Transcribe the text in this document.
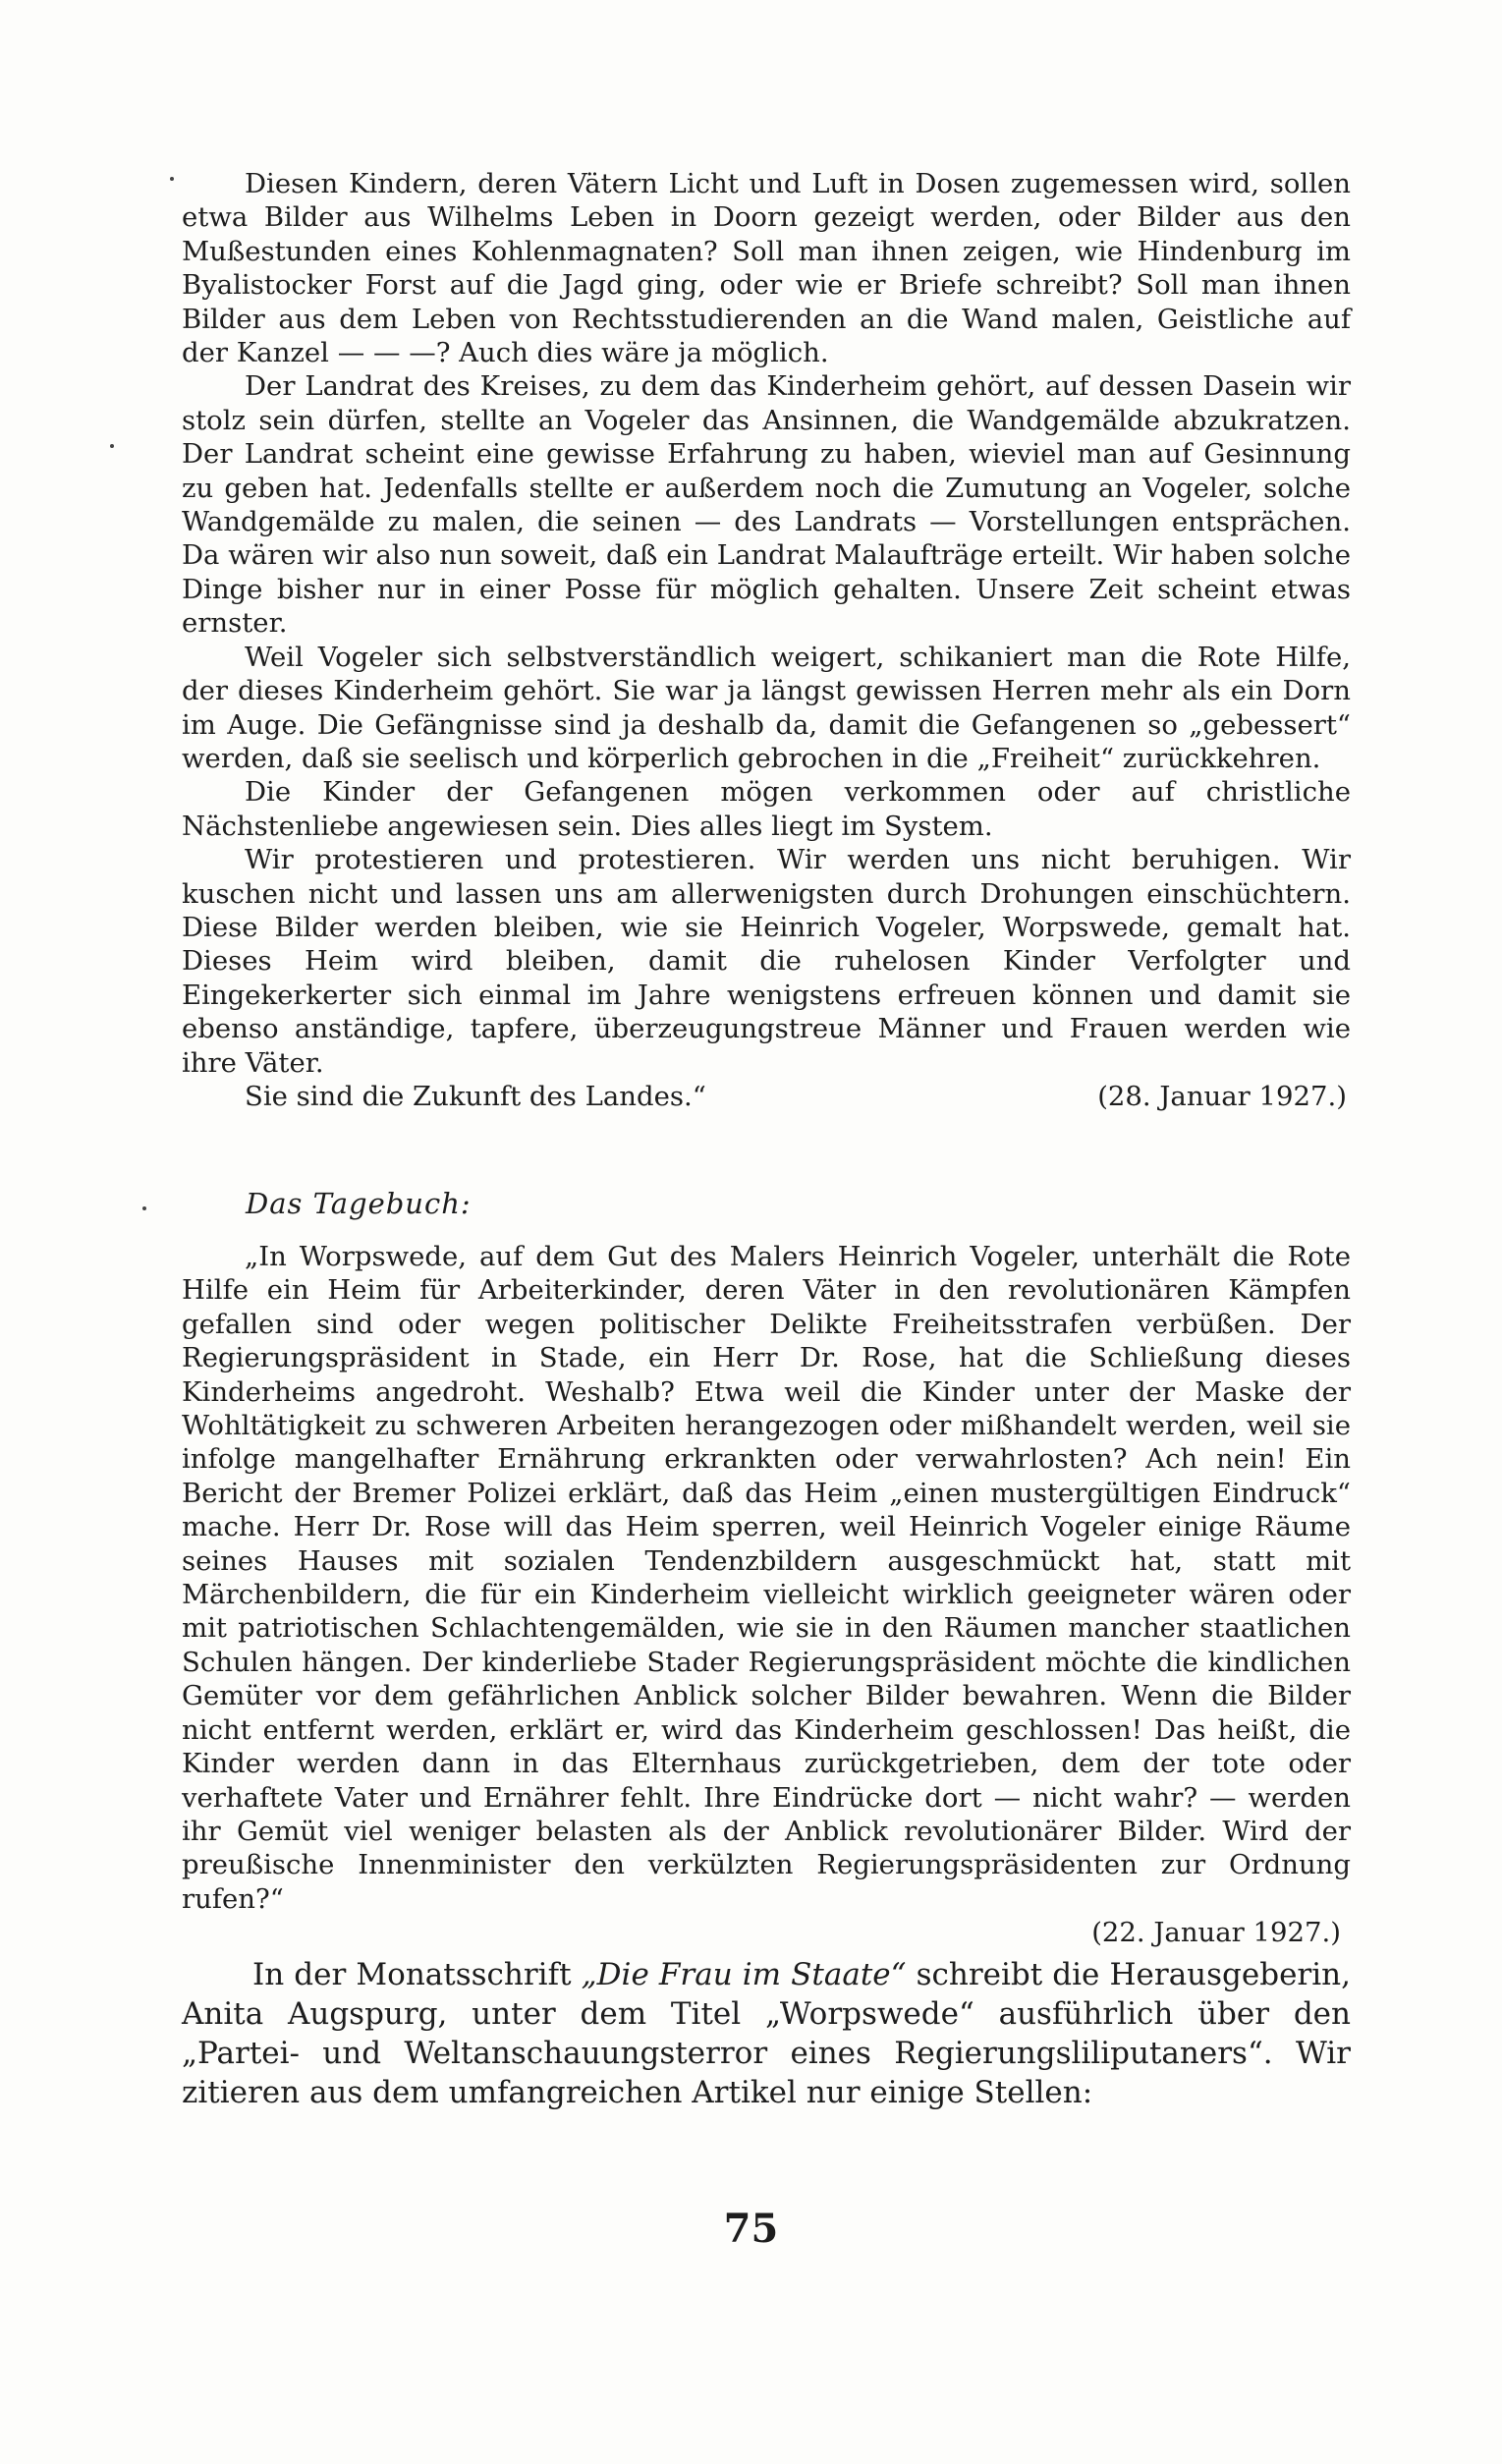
Diesen Kindern, deren Vätern Licht und Luft in Dosen zugemessen wird, sollen etwa Bilder aus Wilhelms Leben in Doorn gezeigt werden, oder Bilder aus den Mußestunden eines Kohlenmagnaten? Soll man ihnen zeigen, wie Hindenburg im Byalistocker Forst auf die Jagd ging, oder wie er Briefe schreibt? Soll man ihnen Bilder aus dem Leben von Rechtsstudierenden an die Wand malen, Geistliche auf der Kanzel — — —? Auch dies wäre ja möglich.

Der Landrat des Kreises, zu dem das Kinderheim gehört, auf dessen Dasein wir stolz sein dürfen, stellte an Vogeler das Ansinnen, die Wandgemälde abzukratzen. Der Landrat scheint eine gewisse Erfahrung zu haben, wieviel man auf Gesinnung zu geben hat. Jedenfalls stellte er außerdem noch die Zumutung an Vogeler, solche Wandgemälde zu malen, die seinen — des Landrats — Vorstellungen entsprächen. Da wären wir also nun soweit, daß ein Landrat Malaufträge erteilt. Wir haben solche Dinge bisher nur in einer Posse für möglich gehalten. Unsere Zeit scheint etwas ernster.

Weil Vogeler sich selbstverständlich weigert, schikaniert man die Rote Hilfe, der dieses Kinderheim gehört. Sie war ja längst gewissen Herren mehr als ein Dorn im Auge. Die Gefängnisse sind ja deshalb da, damit die Gefangenen so „gebessert“ werden, daß sie seelisch und körperlich gebrochen in die „Freiheit“ zurückkehren.

Die Kinder der Gefangenen mögen verkommen oder auf christliche Nächstenliebe angewiesen sein. Dies alles liegt im System.

Wir protestieren und protestieren. Wir werden uns nicht beruhigen. Wir kuschen nicht und lassen uns am allerwenigsten durch Drohungen einschüchtern. Diese Bilder werden bleiben, wie sie Heinrich Vogeler, Worpswede, gemalt hat. Dieses Heim wird bleiben, damit die ruhelosen Kinder Verfolgter und Eingekerkerter sich einmal im Jahre wenigstens erfreuen können und damit sie ebenso anständige, tapfere, überzeugungstreue Männer und Frauen werden wie ihre Väter.

Sie sind die Zukunft des Landes.“	(28. Januar 1927.)

Das Tagebuch:

„In Worpswede, auf dem Gut des Malers Heinrich Vogeler, unterhält die Rote Hilfe ein Heim für Arbeiterkinder, deren Väter in den revolutionären Kämpfen gefallen sind oder wegen politischer Delikte Freiheitsstrafen verbüßen. Der Regierungspräsident in Stade, ein Herr Dr. Rose, hat die Schließung dieses Kinderheims angedroht. Weshalb? Etwa weil die Kinder unter der Maske der Wohltätigkeit zu schweren Arbeiten herangezogen oder mißhandelt werden, weil sie infolge mangelhafter Ernährung erkrankten oder verwahrlosten? Ach nein! Ein Bericht der Bremer Polizei erklärt, daß das Heim „einen mustergültigen Eindruck“ mache. Herr Dr. Rose will das Heim sperren, weil Heinrich Vogeler einige Räume seines Hauses mit sozialen Tendenzbildern ausgeschmückt hat, statt mit Märchenbildern, die für ein Kinderheim vielleicht wirklich geeigneter wären oder mit patriotischen Schlachtengemälden, wie sie in den Räumen mancher staatlichen Schulen hängen. Der kinderliebe Stader Regierungspräsident möchte die kindlichen Gemüter vor dem gefährlichen Anblick solcher Bilder bewahren. Wenn die Bilder nicht entfernt werden, erklärt er, wird das Kinderheim geschlossen! Das heißt, die Kinder werden dann in das Elternhaus zurückgetrieben, dem der tote oder verhaftete Vater und Ernährer fehlt. Ihre Eindrücke dort — nicht wahr? — werden ihr Gemüt viel weniger belasten als der Anblick revolutionärer Bilder. Wird der preußische Innenminister den verkülzten Regierungspräsidenten zur Ordnung rufen?“

(22. Januar 1927.)

In der Monatsschrift „Die Frau im Staate“ schreibt die Herausgeberin, Anita Augspurg, unter dem Titel „Worpswede“ ausführlich über den „Partei- und Weltanschauungsterror eines Regierungsliliputaners“. Wir zitieren aus dem umfangreichen Artikel nur einige Stellen:

75
